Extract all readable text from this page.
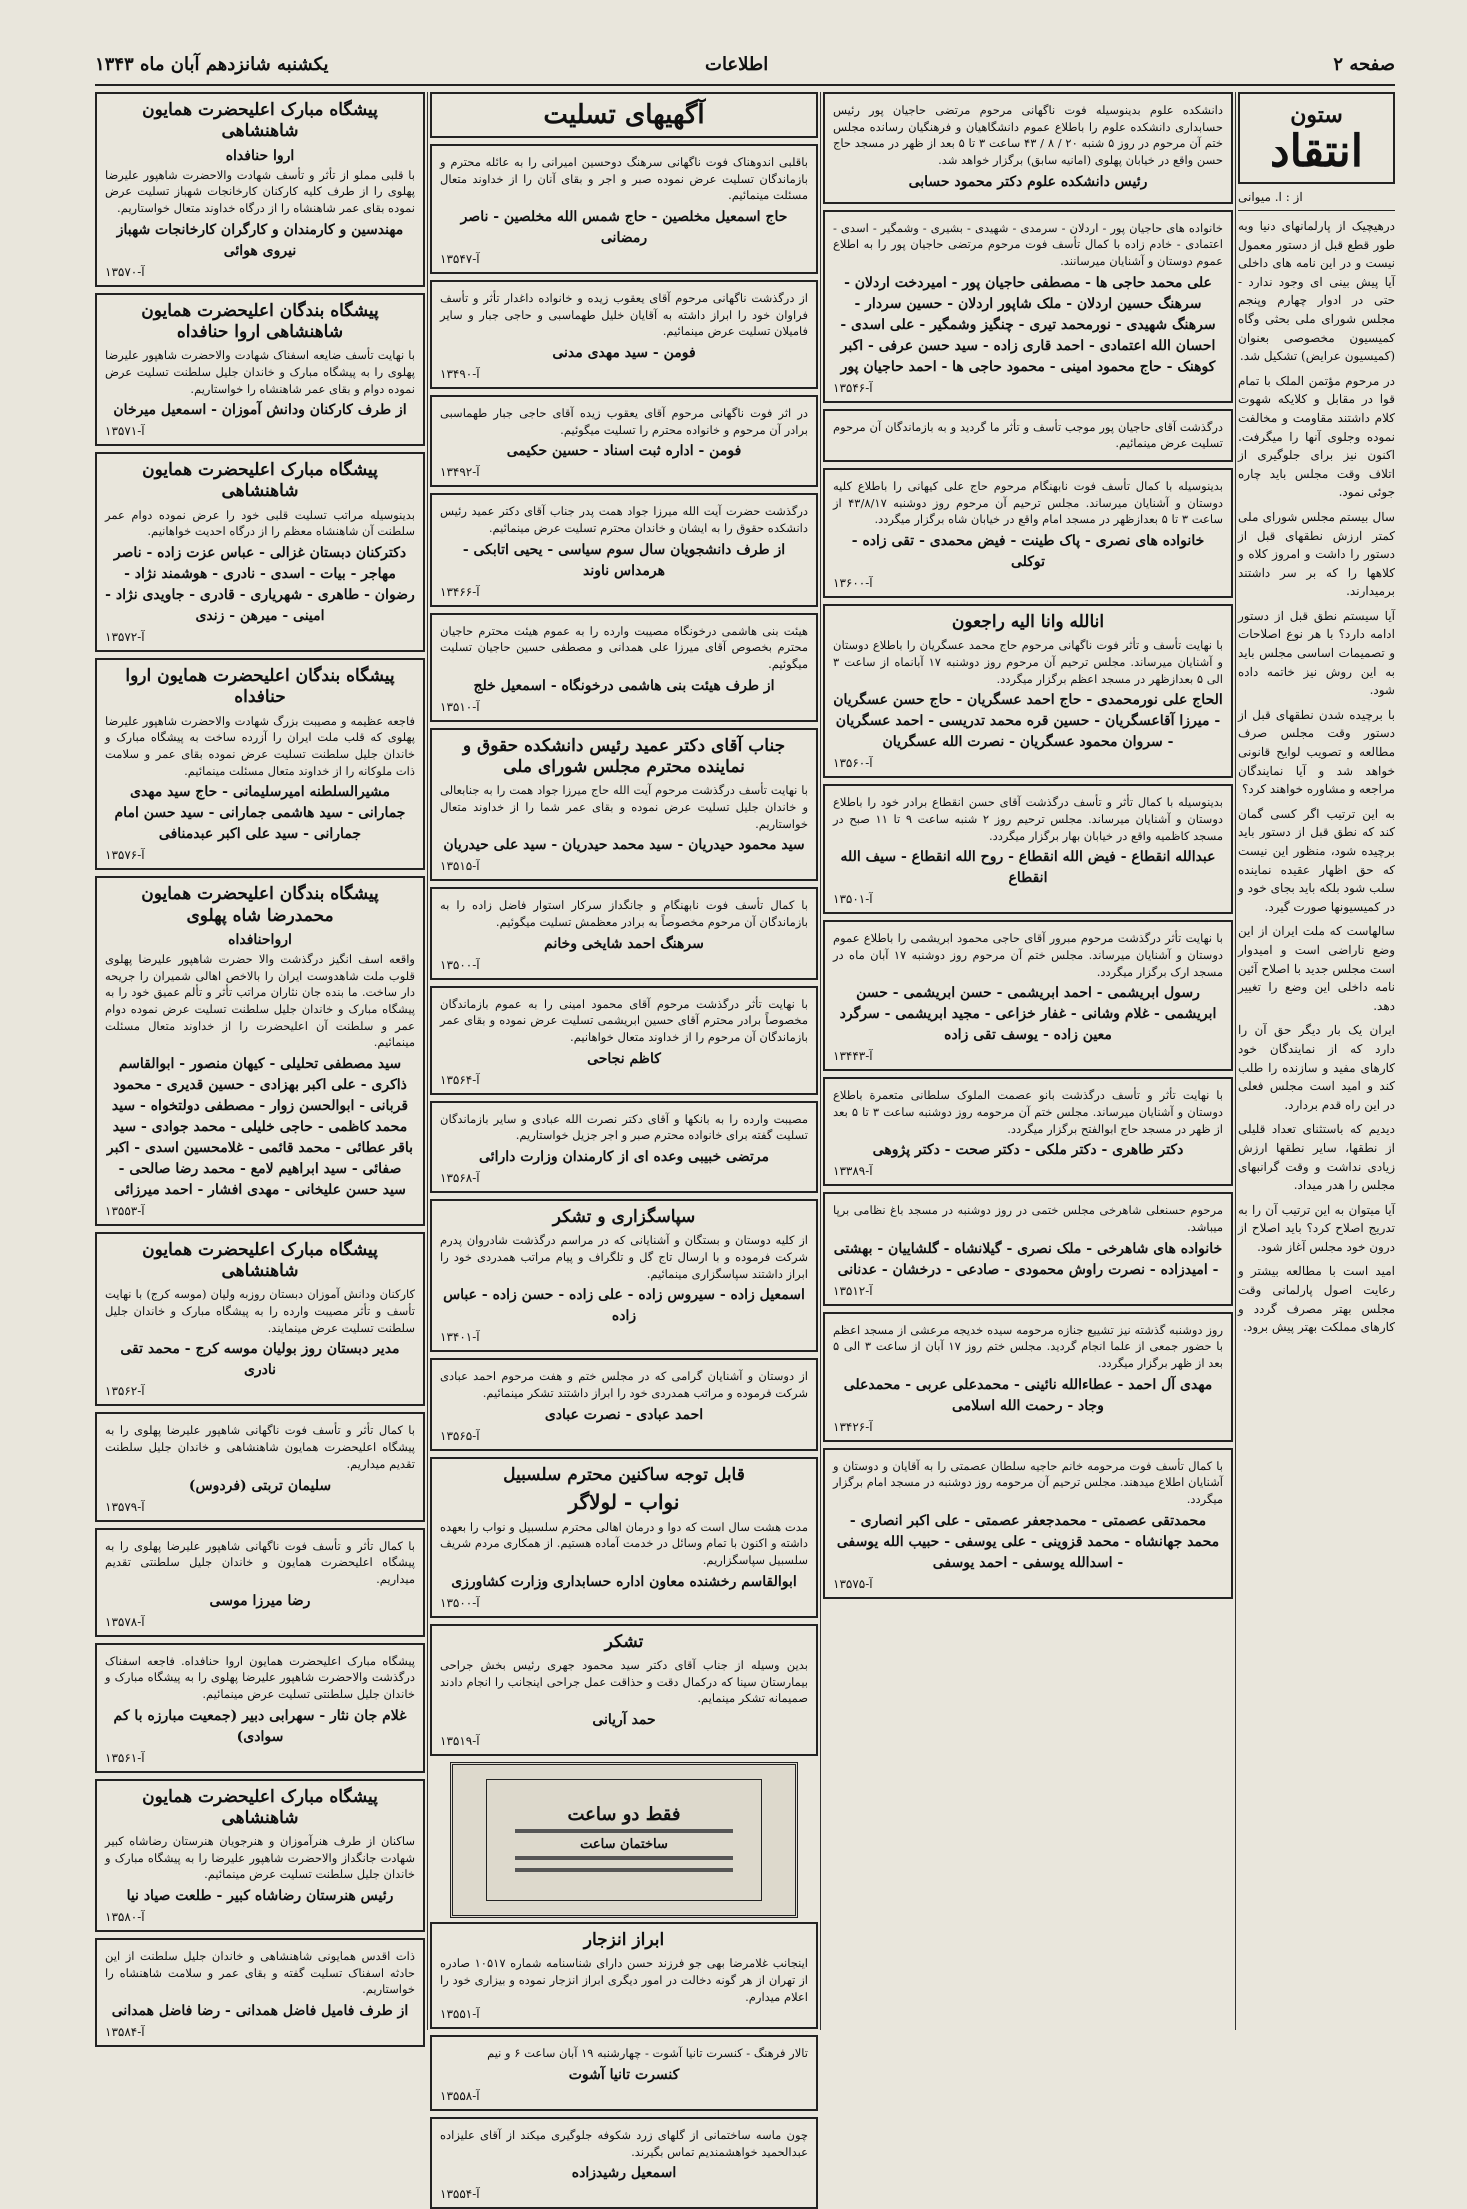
یکشنبه شانزدهم آبان ماه ۱۳۴۳	اطلاعات	صفحه ۲
پیشگاه مبارک اعلیحضرت همایون شاهنشاهی
اروا حنافداه

با قلبی مملو از تأثر و تأسف شهادت والاحضرت شاهپور علیرضا پهلوی را از طرف کلیه کارکنان کارخانجات شهباز تسلیت عرض نموده بقای عمر شاهنشاه را از درگاه خداوند متعال خواستاریم.

مهندسین و کارمندان و کارگران کارخانجات شهباز نیروی هوائی
آ-۱۳۵۷۰
پیشگاه بندگان اعلیحضرت همایون شاهنشاهی اروا حنافداه

با نهایت تأسف ضایعه اسفناک شهادت والاحضرت شاهپور علیرضا پهلوی را به پیشگاه مبارک و خاندان جلیل سلطنت تسلیت عرض نموده دوام و بقای عمر شاهنشاه را خواستاریم.

از طرف کارکنان ودانش آموزان - اسمعیل میرخان
آ-۱۳۵۷۱
پیشگاه مبارک اعلیحضرت همایون شاهنشاهی

بدینوسیله مراتب تسلیت قلبی خود را عرض نموده دوام عمر سلطنت آن شاهنشاه معظم را از درگاه احدیت خواهانیم.

دکترکنان دبستان غزالی - عباس عزت زاده - ناصر مهاجر - بیات - اسدی - نادری - هوشمند نژاد - رضوان - طاهری - شهریاری - قادری - جاویدی نژاد - امینی - میرهن - زندی
آ-۱۳۵۷۲
پیشگاه بندگان اعلیحضرت همایون اروا حنافداه

فاجعه عظیمه و مصیبت بزرگ شهادت والاحضرت شاهپور علیرضا پهلوی که قلب ملت ایران را آزرده ساخت به پیشگاه مبارک و خاندان جلیل سلطنت تسلیت عرض نموده بقای عمر و سلامت ذات ملوکانه را از خداوند متعال مسئلت مینمائیم.

مشیرالسلطنه امیرسلیمانی - حاج سید مهدی جمارانی - سید هاشمی جمارانی - سید حسن امام جمارانی - سید علی اکبر عبدمنافی
آ-۱۳۵۷۶
پیشگاه بندگان اعلیحضرت همایون محمدرضا شاه پهلوی
ارواحنافداه

واقعه اسف انگیز درگذشت والا حضرت شاهپور علیرضا پهلوی قلوب ملت شاهدوست ایران را بالاخص اهالی شمیران را جریحه دار ساخت. ما بنده جان نثاران مراتب تأثر و تألم عمیق خود را به پیشگاه مبارک و خاندان جلیل سلطنت تسلیت عرض نموده دوام عمر و سلطنت آن اعلیحضرت را از خداوند متعال مسئلت مینمائیم.

سید مصطفی تحلیلی - کیهان منصور - ابوالقاسم ذاکری - علی اکبر بهزادی - حسین قدیری - محمود قربانی - ابوالحسن زوار - مصطفی دولتخواه - سید محمد کاظمی - حاجی خلیلی - محمد جوادی - سید باقر عطائی - محمد قائمی - غلامحسین اسدی - اکبر صفائی - سید ابراهیم لامع - محمد رضا صالحی - سید حسن علیخانی - مهدی افشار - احمد میرزائی
آ-۱۳۵۵۳
پیشگاه مبارک اعلیحضرت همایون شاهنشاهی

کارکنان ودانش آموزان دبستان روزبه ولیان (موسه کرج) با نهایت تأسف و تأثر مصیبت وارده را به پیشگاه مبارک و خاندان جلیل سلطنت تسلیت عرض مینمایند.

مدیر دبستان روز بولیان موسه کرج - محمد تقی نادری
آ-۱۳۵۶۲

با کمال تأثر و تأسف فوت ناگهانی شاهپور علیرضا پهلوی را به پیشگاه اعلیحضرت همایون شاهنشاهی و خاندان جلیل سلطنت تقدیم میداریم.

سلیمان تربتی (فردوس)
آ-۱۳۵۷۹

با کمال تأثر و تأسف فوت ناگهانی شاهپور علیرضا پهلوی را به پیشگاه اعلیحضرت همایون و خاندان جلیل سلطنتی تقدیم میداریم.

رضا میرزا موسی
آ-۱۳۵۷۸

پیشگاه مبارک اعلیحضرت همایون اروا حنافداه. فاجعه اسفناک درگذشت والاحضرت شاهپور علیرضا پهلوی را به پیشگاه مبارک و خاندان جلیل سلطنتی تسلیت عرض مینمائیم.

غلام جان نثار - سهرابی دبیر (جمعیت مبارزه با کم سوادی)
آ-۱۳۵۶۱
پیشگاه مبارک اعلیحضرت همایون شاهنشاهی

ساکنان از طرف هنرآموزان و هنرجویان هنرستان رضاشاه کبیر شهادت جانگداز والاحضرت شاهپور علیرضا را به پیشگاه مبارک و خاندان جلیل سلطنت تسلیت عرض مینمائیم.

رئیس هنرستان رضاشاه کبیر - طلعت صیاد نیا
آ-۱۳۵۸۰

ذات اقدس همایونی شاهنشاهی و خاندان جلیل سلطنت از این حادثه اسفناک تسلیت گفته و بقای عمر و سلامت شاهنشاه را خواستاریم.

از طرف فامیل فاضل همدانی - رضا فاضل همدانی
آ-۱۳۵۸۴
آگهیهای تسلیت

باقلبی اندوهناک فوت ناگهانی سرهنگ دوحسین امیرانی را به عائله محترم و بازماندگان تسلیت عرض نموده صبر و اجر و بقای آنان را از خداوند متعال مسئلت مینمائیم.

حاج اسمعیل مخلصین - حاج شمس الله مخلصین - ناصر رمضانی
آ-۱۳۵۴۷

از درگذشت ناگهانی مرحوم آقای یعقوب زیده و خانواده داغدار تأثر و تأسف فراوان خود را ابراز داشته به آقایان خلیل طهماسبی و حاجی جبار و سایر فامیلان تسلیت عرض مینمائیم.

فومن - سید مهدی مدنی
آ-۱۳۴۹۰

در اثر فوت ناگهانی مرحوم آقای یعقوب زیده آقای حاجی جبار طهماسبی برادر آن مرحوم و خانواده محترم را تسلیت میگوئیم.

فومن - اداره ثبت اسناد - حسین حکیمی
آ-۱۳۴۹۲

درگذشت حضرت آیت الله میرزا جواد همت پدر جناب آقای دکتر عمید رئیس دانشکده حقوق را به ایشان و خاندان محترم تسلیت عرض مینمائیم.

از طرف دانشجویان سال سوم سیاسی - یحیی اتابکی - هرمداس ناوند
آ-۱۳۴۶۶

هیئت بنی هاشمی درخونگاه مصیبت وارده را به عموم هیئت محترم حاجیان محترم بخصوص آقای میرزا علی همدانی و مصطفی حسین حاجیان تسلیت میگوئیم.

از طرف هیئت بنی هاشمی درخونگاه - اسمعیل خلج
آ-۱۳۵۱۰
جناب آقای دکتر عمید رئیس دانشکده حقوق و نماینده محترم مجلس شورای ملی

با نهایت تأسف درگذشت مرحوم آیت الله حاج میرزا جواد همت را به جنابعالی و خاندان جلیل تسلیت عرض نموده و بقای عمر شما را از خداوند متعال خواستاریم.

سید محمود حیدریان - سید محمد حیدریان - سید علی حیدریان
آ-۱۳۵۱۵

با کمال تأسف فوت نابهنگام و جانگداز سرکار استوار فاضل زاده را به بازماندگان آن مرحوم مخصوصاً به برادر معظمش تسلیت میگوئیم.

سرهنگ احمد شایخی وخانم
آ-۱۳۵۰۰

با نهایت تأثر درگذشت مرحوم آقای محمود امینی را به عموم بازماندگان مخصوصاً برادر محترم آقای حسین ابریشمی تسلیت عرض نموده و بقای عمر بازماندگان آن مرحوم را از خداوند متعال خواهانیم.

کاظم نجاحی
آ-۱۳۵۶۴

مصیبت وارده را به بانکها و آقای دکتر نصرت الله عبادی و سایر بازماندگان تسلیت گفته برای خانواده محترم صبر و اجر جزیل خواستاریم.

مرتضی خبیبی وعده ای از کارمندان وزارت دارائی
آ-۱۳۵۶۸
سپاسگزاری و تشکر

از کلیه دوستان و بستگان و آشنایانی که در مراسم درگذشت شادروان پدرم شرکت فرموده و با ارسال تاج گل و تلگراف و پیام مراتب همدردی خود را ابراز داشتند سپاسگزاری مینمائیم.

اسمعیل زاده - سیروس زاده - علی زاده - حسن زاده - عباس زاده
آ-۱۳۴۰۱

از دوستان و آشنایان گرامی که در مجلس ختم و هفت مرحوم احمد عبادی شرکت فرموده و مراتب همدردی خود را ابراز داشتند تشکر مینمائیم.

احمد عبادی - نصرت عبادی
آ-۱۳۵۶۵
قابل توجه ساکنین محترم سلسبیل
نواب - لولاگر

مدت هشت سال است که دوا و درمان اهالی محترم سلسبیل و نواب را بعهده داشته و اکنون با تمام وسائل در خدمت آماده هستیم. از همکاری مردم شریف سلسبیل سپاسگزاریم.

ابوالقاسم رخشنده معاون اداره حسابداری وزارت کشاورزی
آ-۱۳۵۰۰
تشکر

بدین وسیله از جناب آقای دکتر سید محمود جهری رئیس بخش جراحی بیمارستان سینا که درکمال دقت و حذاقت عمل جراحی اینجانب را انجام دادند صمیمانه تشکر مینمایم.

حمد آریانی
آ-۱۳۵۱۹
فقط دو ساعت
ساختمان ساعت
ابراز انزجار

اینجانب غلامرضا بهی جو فرزند حسن دارای شناسنامه شماره ۱۰۵۱۷ صادره از تهران از هر گونه دخالت در امور دیگری ابراز انزجار نموده و بیزاری خود را اعلام میدارم.

آ-۱۳۵۵۱

تالار فرهنگ - کنسرت تانیا آشوت - چهارشنبه ۱۹ آبان ساعت ۶ و نیم

کنسرت تانیا آشوت
آ-۱۳۵۵۸

چون ماسه ساختمانی از گلهای زرد شکوفه جلوگیری میکند از آقای علیزاده عبدالحمید خواهشمندیم تماس بگیرند.

اسمعیل رشیدزاده
آ-۱۳۵۵۴

دانشکده علوم بدینوسیله فوت ناگهانی مرحوم مرتضی حاجیان پور رئیس حسابداری دانشکده علوم را باطلاع عموم دانشگاهیان و فرهنگیان رسانده مجلس ختم آن مرحوم در روز ۵ شنبه ۲۰ / ۸ / ۴۳ ساعت ۳ تا ۵ بعد از ظهر در مسجد حاج حسن واقع در خیابان پهلوی (امانیه سابق) برگزار خواهد شد.

رئیس دانشکده علوم دکتر محمود حسابی

خانواده های حاجیان پور - اردلان - سرمدی - شهیدی - بشیری - وشمگیر - اسدی - اعتمادی - خادم زاده با کمال تأسف فوت مرحوم مرتضی حاجیان پور را به اطلاع عموم دوستان و آشنایان میرسانند.

علی محمد حاجی ها - مصطفی حاجیان پور - امیردخت اردلان - سرهنگ حسین اردلان - ملک شاپور اردلان - حسین سردار - سرهنگ شهیدی - نورمحمد تیری - چنگیز وشمگیر - علی اسدی - احسان الله اعتمادی - احمد قاری زاده - سید حسن عرفی - اکبر کوهنک - حاج محمود امینی - محمود حاجی ها - احمد حاجیان پور
آ-۱۳۵۴۶

درگذشت آقای حاجیان پور موجب تأسف و تأثر ما گردید و به بازماندگان آن مرحوم تسلیت عرض مینمائیم.

بدینوسیله با کمال تأسف فوت نابهنگام مرحوم حاج علی کیهانی را باطلاع کلیه دوستان و آشنایان میرساند. مجلس ترحیم آن مرحوم روز دوشنبه ۴۳/۸/۱۷ از ساعت ۳ تا ۵ بعدازظهر در مسجد امام واقع در خیابان شاه برگزار میگردد.

خانواده های نصری - پاک طینت - فیض محمدی - تقی زاده - توکلی
آ-۱۳۶۰۰
انالله وانا الیه راجعون

با نهایت تأسف و تأثر فوت ناگهانی مرحوم حاج محمد عسگریان را باطلاع دوستان و آشنایان میرساند. مجلس ترحیم آن مرحوم روز دوشنبه ۱۷ آبانماه از ساعت ۳ الی ۵ بعدازظهر در مسجد اعظم برگزار میگردد.

الحاج علی نورمحمدی - حاج احمد عسگریان - حاج حسن عسگریان - میرزا آقاعسگریان - حسین قره محمد تدریسی - احمد عسگریان - سروان محمود عسگریان - نصرت الله عسگریان
آ-۱۳۵۶۰

بدینوسیله با کمال تأثر و تأسف درگذشت آقای حسن انقطاع برادر خود را باطلاع دوستان و آشنایان میرساند. مجلس ترحیم روز ۲ شنبه ساعت ۹ تا ۱۱ صبح در مسجد کاظمیه واقع در خیابان بهار برگزار میگردد.

عبدالله انقطاع - فیض الله انقطاع - روح الله انقطاع - سیف الله انقطاع
آ-۱۳۵۰۱

با نهایت تأثر درگذشت مرحوم مبرور آقای حاجی محمود ابریشمی را باطلاع عموم دوستان و آشنایان میرساند. مجلس ختم آن مرحوم روز دوشنبه ۱۷ آبان ماه در مسجد ارک برگزار میگردد.

رسول ابریشمی - احمد ابریشمی - حسن ابریشمی - حسن ابریشمی - غلام وشانی - غفار خزاعی - مجید ابریشمی - سرگرد معین زاده - یوسف تقی زاده
آ-۱۳۴۴۳

با نهایت تأثر و تأسف درگذشت بانو عصمت الملوک سلطانی متعمرة باطلاع دوستان و آشنایان میرساند. مجلس ختم آن مرحومه روز دوشنبه ساعت ۳ تا ۵ بعد از ظهر در مسجد حاج ابوالفتح برگزار میگردد.

دکتر طاهری - دکتر ملکی - دکتر صحت - دکتر پژوهی
آ-۱۳۳۸۹

مرحوم حسنعلی شاهرخی مجلس ختمی در روز دوشنبه در مسجد باغ نظامی برپا میباشد.

خانواده های شاهرخی - ملک نصری - گیلانشاه - گلشاییان - بهشتی - امیدزاده - نصرت راوش محمودی - صادعی - درخشان - عدنانی
آ-۱۳۵۱۲

روز دوشنبه گذشته نیز تشییع جنازه مرحومه سیده خدیجه مرعشی از مسجد اعظم با حضور جمعی از علما انجام گردید. مجلس ختم روز ۱۷ آبان از ساعت ۳ الی ۵ بعد از ظهر برگزار میگردد.

مهدی آل احمد - عطاءالله نائینی - محمدعلی عربی - محمدعلی وجاد - رحمت الله اسلامی
آ-۱۳۴۲۶

با کمال تأسف فوت مرحومه خانم حاجیه سلطان عصمتی را به آقایان و دوستان و آشنایان اطلاع میدهند. مجلس ترحیم آن مرحومه روز دوشنبه در مسجد امام برگزار میگردد.

محمدتقی عصمتی - محمدجعفر عصمتی - علی اکبر انصاری - محمد جهانشاه - محمد قزوینی - علی یوسفی - حبیب الله یوسفی - اسدالله یوسفی - احمد یوسفی
آ-۱۳۵۷۵
ستون
انتقاد
از : ا. میوانی

درهیچیک از پارلمانهای دنیا وبه طور قطع قبل از دستور معمول نیست و در این نامه های داخلی آیا پیش بینی ای وجود ندارد - حتی در ادوار چهارم وپنجم مجلس شورای ملی بحثی وگاه کمیسیون مخصوصی بعنوان (کمیسیون عرایض) تشکیل شد.

در مرحوم مؤتمن الملک با تمام قوا در مقابل و کلایکه شهوت کلام داشتند مقاومت و مخالفت نموده وجلوی آنها را میگرفت. اکنون نیز برای جلوگیری از اتلاف وقت مجلس باید چاره جوئی نمود.

سال بیستم مجلس شورای ملی کمتر ارزش نطقهای قبل از دستور را داشت و امروز کلاه و کلاهها را که بر سر داشتند برمیدارند.

آیا سیستم نطق قبل از دستور ادامه دارد؟ با هر نوع اصلاحات و تصمیمات اساسی مجلس باید به این روش نیز خاتمه داده شود.

با برچیده شدن نطقهای قبل از دستور وقت مجلس صرف مطالعه و تصویب لوایح قانونی خواهد شد و آیا نمایندگان مراجعه و مشاوره خواهند کرد؟

به این ترتیب اگر کسی گمان کند که نطق قبل از دستور باید برچیده شود، منظور این نیست که حق اظهار عقیده نماینده سلب شود بلکه باید بجای خود و در کمیسیونها صورت گیرد.

سالهاست که ملت ایران از این وضع ناراضی است و امیدوار است مجلس جدید با اصلاح آئین نامه داخلی این وضع را تغییر دهد.

ایران یک بار دیگر حق آن را دارد که از نمایندگان خود کارهای مفید و سازنده را طلب کند و امید است مجلس فعلی در این راه قدم بردارد.

دیدیم که باستثنای تعداد قلیلی از نطقها، سایر نطقها ارزش زیادی نداشت و وقت گرانبهای مجلس را هدر میداد.

آیا میتوان به این ترتیب آن را به تدریج اصلاح کرد؟ باید اصلاح از درون خود مجلس آغاز شود.

امید است با مطالعه بیشتر و رعایت اصول پارلمانی وقت مجلس بهتر مصرف گردد و کارهای مملکت بهتر پیش برود.
